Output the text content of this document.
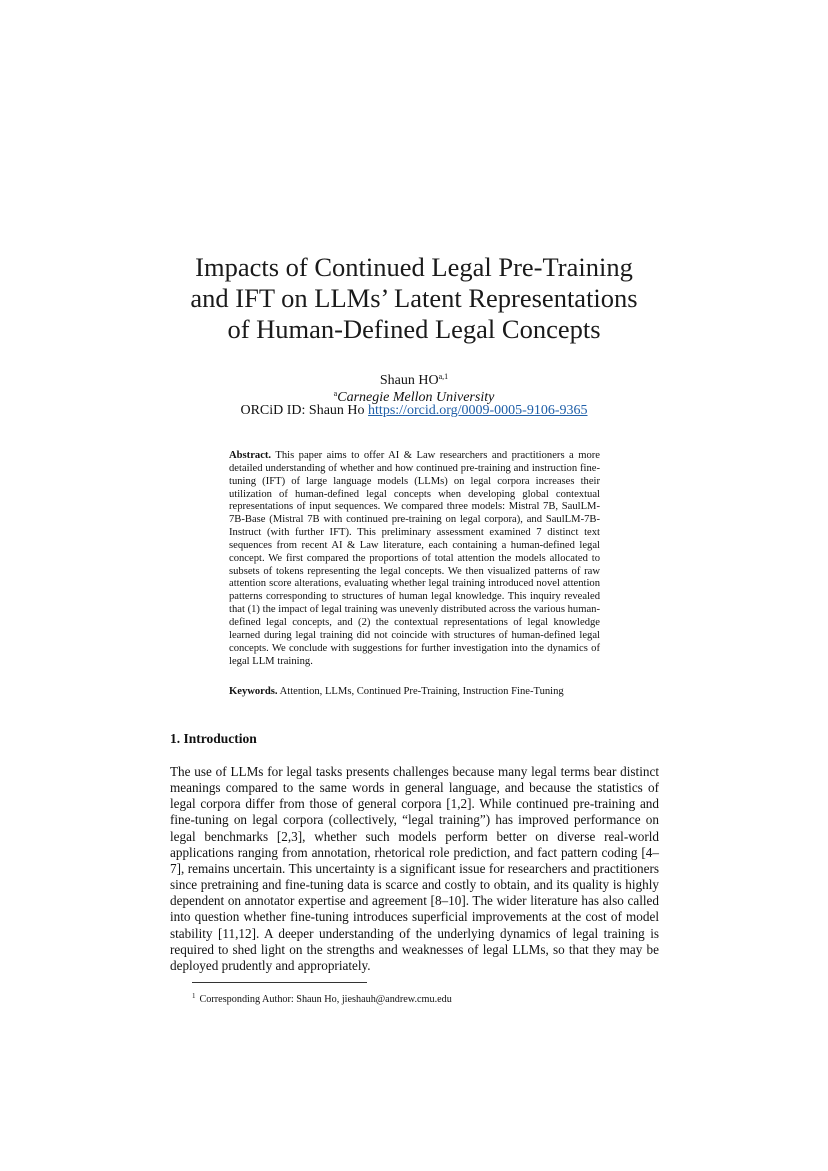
Impacts of Continued Legal Pre-Training
and IFT on LLMs’ Latent Representations
of Human-Defined Legal Concepts
Shaun HO$^{a,1}$
$^a$Carnegie Mellon University
ORCiD ID: Shaun Ho https://orcid.org/0009-0005-9106-9365
Abstract. This paper aims to offer AI & Law researchers and practitioners a more detailed understanding of whether and how continued pre-training and instruction fine-tuning (IFT) of large language models (LLMs) on legal corpora increases their utilization of human-defined legal concepts when developing global contextual representations of input sequences. We compared three models: Mistral 7B, SaulLM-7B-Base (Mistral 7B with continued pre-training on legal corpora), and SaulLM-7B-Instruct (with further IFT). This preliminary assessment examined 7 distinct text sequences from recent AI & Law literature, each containing a human-defined legal concept. We first compared the proportions of total attention the models allocated to subsets of tokens representing the legal concepts. We then visualized patterns of raw attention score alterations, evaluating whether legal training introduced novel attention patterns corresponding to structures of human legal knowledge. This inquiry revealed that (1) the impact of legal training was unevenly distributed across the various human-defined legal concepts, and (2) the contextual representations of legal knowledge learned during legal training did not coincide with structures of human-defined legal concepts. We conclude with suggestions for further investigation into the dynamics of legal LLM training.
Keywords. Attention, LLMs, Continued Pre-Training, Instruction Fine-Tuning
1. Introduction
The use of LLMs for legal tasks presents challenges because many legal terms bear distinct meanings compared to the same words in general language, and because the statistics of legal corpora differ from those of general corpora [1,2]. While continued pre-training and fine-tuning on legal corpora (collectively, “legal training”) has improved performance on legal benchmarks [2,3], whether such models perform better on diverse real-world applications ranging from annotation, rhetorical role prediction, and fact pattern coding [4–7], remains uncertain. This uncertainty is a significant issue for researchers and practitioners since pretraining and fine-tuning data is scarce and costly to obtain, and its quality is highly dependent on annotator expertise and agreement [8–10]. The wider literature has also called into question whether fine-tuning introduces superficial improvements at the cost of model stability [11,12]. A deeper understanding of the underlying dynamics of legal training is required to shed light on the strengths and weaknesses of legal LLMs, so that they may be deployed prudently and appropriately.
$^1$ Corresponding Author: Shaun Ho, jieshauh@andrew.cmu.edu
